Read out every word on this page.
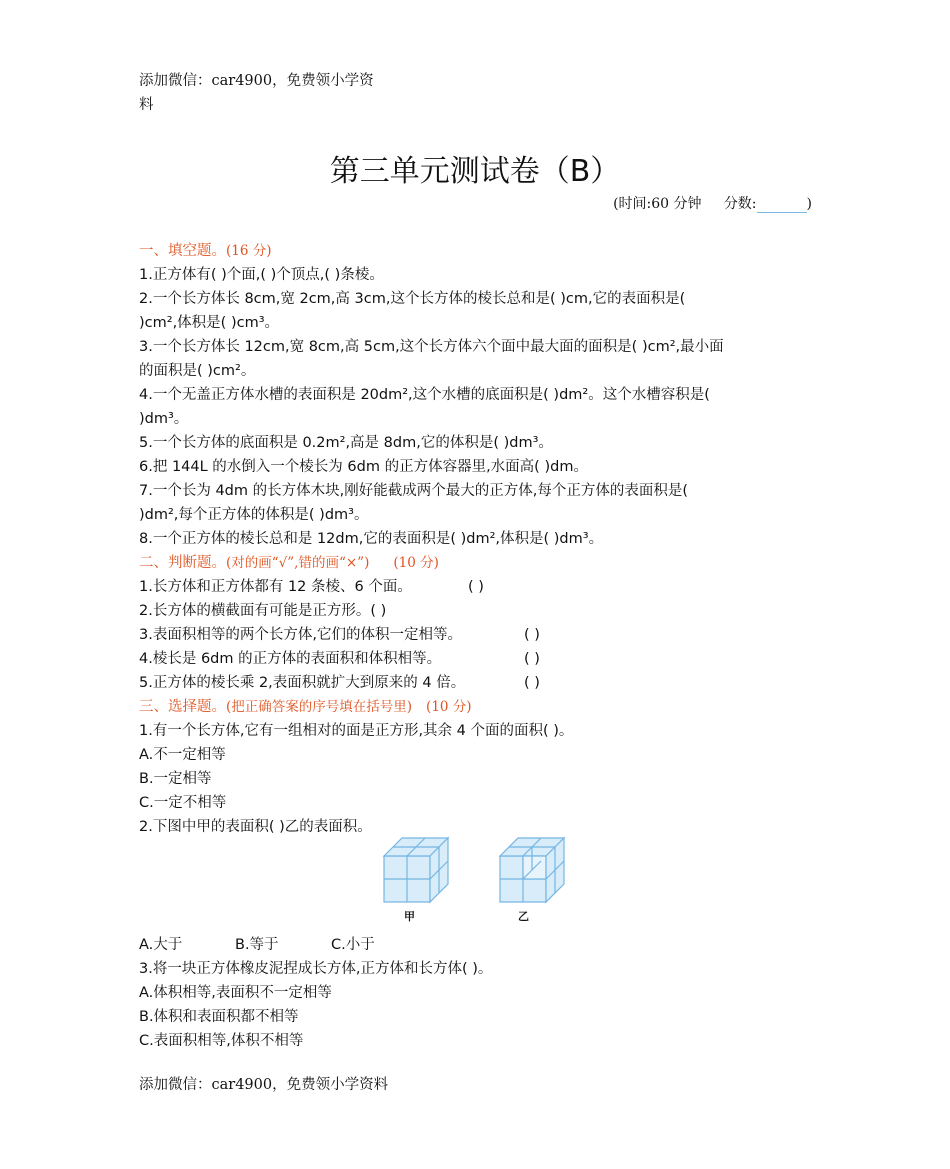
添加微信：car4900，免费领小学资
料
第三单元测试卷（B）
(时间:60 分钟 分数:	)
一、填空题。(16 分)
1.正方体有( )个面,( )个顶点,( )条棱。
2.一个长方体长 8cm,宽 2cm,高 3cm,这个长方体的棱长总和是( )cm,它的表面积是(
)cm²,体积是( )cm³。
3.一个长方体长 12cm,宽 8cm,高 5cm,这个长方体六个面中最大面的面积是( )cm²,最小面
的面积是( )cm²。
4.一个无盖正方体水槽的表面积是 20dm²,这个水槽的底面积是( )dm²。这个水槽容积是(
)dm³。
5.一个长方体的底面积是 0.2m²,高是 8dm,它的体积是( )dm³。
6.把 144L 的水倒入一个棱长为 6dm 的正方体容器里,水面高( )dm。
7.一个长为 4dm 的长方体木块,刚好能截成两个最大的正方体,每个正方体的表面积是(
)dm²,每个正方体的体积是( )dm³。
8.一个正方体的棱长总和是 12dm,它的表面积是( )dm²,体积是( )dm³。
二、判断题。(对的画“√”,错的画“×”) (10 分)
1.长方体和正方体都有 12 条棱、6 个面。	( )
2.长方体的横截面有可能是正方形。( )
3.表面积相等的两个长方体,它们的体积一定相等。	( )
4.棱长是 6dm 的正方体的表面积和体积相等。	( )
5.正方体的棱长乘 2,表面积就扩大到原来的 4 倍。	( )
三、选择题。(把正确答案的序号填在括号里) (10 分)
1.有一个长方体,它有一组相对的面是正方形,其余 4 个面的面积( )。
A.不一定相等
B.一定相等
C.一定不相等
2.下图中甲的表面积( )乙的表面积。
甲	乙
A.大于	B.等于	C.小于
3.将一块正方体橡皮泥捏成长方体,正方体和长方体( )。
A.体积相等,表面积不一定相等
B.体积和表面积都不相等
C.表面积相等,体积不相等
添加微信：car4900，免费领小学资料
